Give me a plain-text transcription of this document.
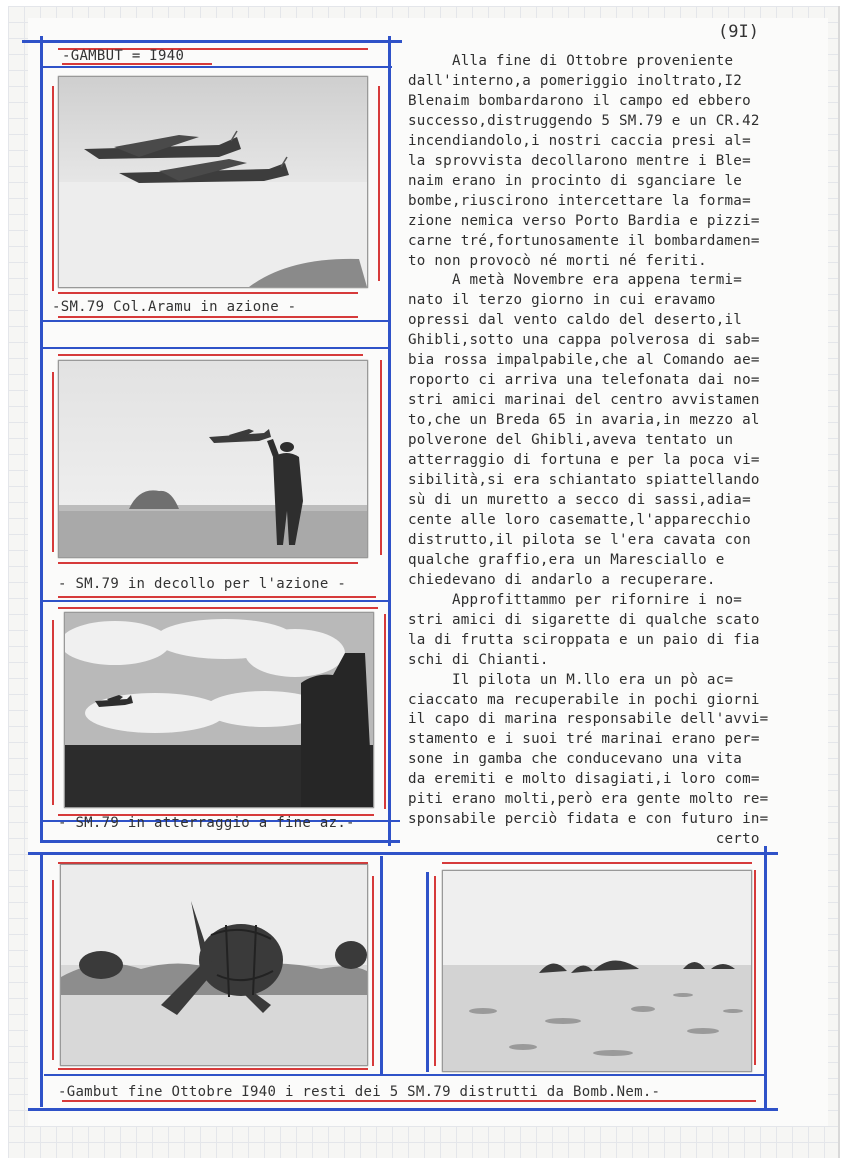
(9I)
-GAMBUT = I940
-SM.79 Col.Aramu in azione -
- SM.79 in decollo per l'azione -
- SM.79 in atterraggio a fine az.-
-Gambut fine Ottobre I940 i resti dei 5 SM.79 distrutti da Bomb.Nem.-
Alla fine di Ottobre proveniente
dall'interno,a pomeriggio inoltrato,I2
Blenaim bombardarono il campo ed ebbero
successo,distruggendo 5 SM.79 e un CR.42
incendiandolo,i nostri caccia presi al=
la sprovvista decollarono mentre i Ble=
naim erano in procinto di sganciare le
bombe,riuscirono intercettare la forma=
zione nemica verso Porto Bardia e pizzi=
carne tré,fortunosamente il bombardamen=
to non provocò né morti né feriti.
A metà Novembre era appena termi=
nato il terzo giorno in cui eravamo
opressi dal vento caldo del deserto,il
Ghibli,sotto una cappa polverosa di sab=
bia rossa impalpabile,che al Comando ae=
roporto ci arriva una telefonata dai no=
stri amici marinai del centro avvistamen
to,che un Breda 65 in avaria,in mezzo al
polverone del Ghibli,aveva tentato un
atterraggio di fortuna e per la poca vi=
sibilità,si era schiantato spiattellando
sù di un muretto a secco di sassi,adia=
cente alle loro casematte,l'apparecchio
distrutto,il pilota se l'era cavata con
qualche graffio,era un Maresciallo e
chiedevano di andarlo a recuperare.
Approfittammo per rifornire i no=
stri amici di sigarette di qualche scato
la di frutta sciroppata e un paio di fia
schi di Chianti.
Il pilota un M.llo era un pò ac=
ciaccato ma recuperabile in pochi giorni
il capo di marina responsabile dell'avvi=
stamento e i suoi tré marinai erano per=
sone in gamba che conducevano una vita
da eremiti e molto disagiati,i loro com=
piti erano molti,però era gente molto re=
sponsabile perciò fidata e con futuro in=
certo
